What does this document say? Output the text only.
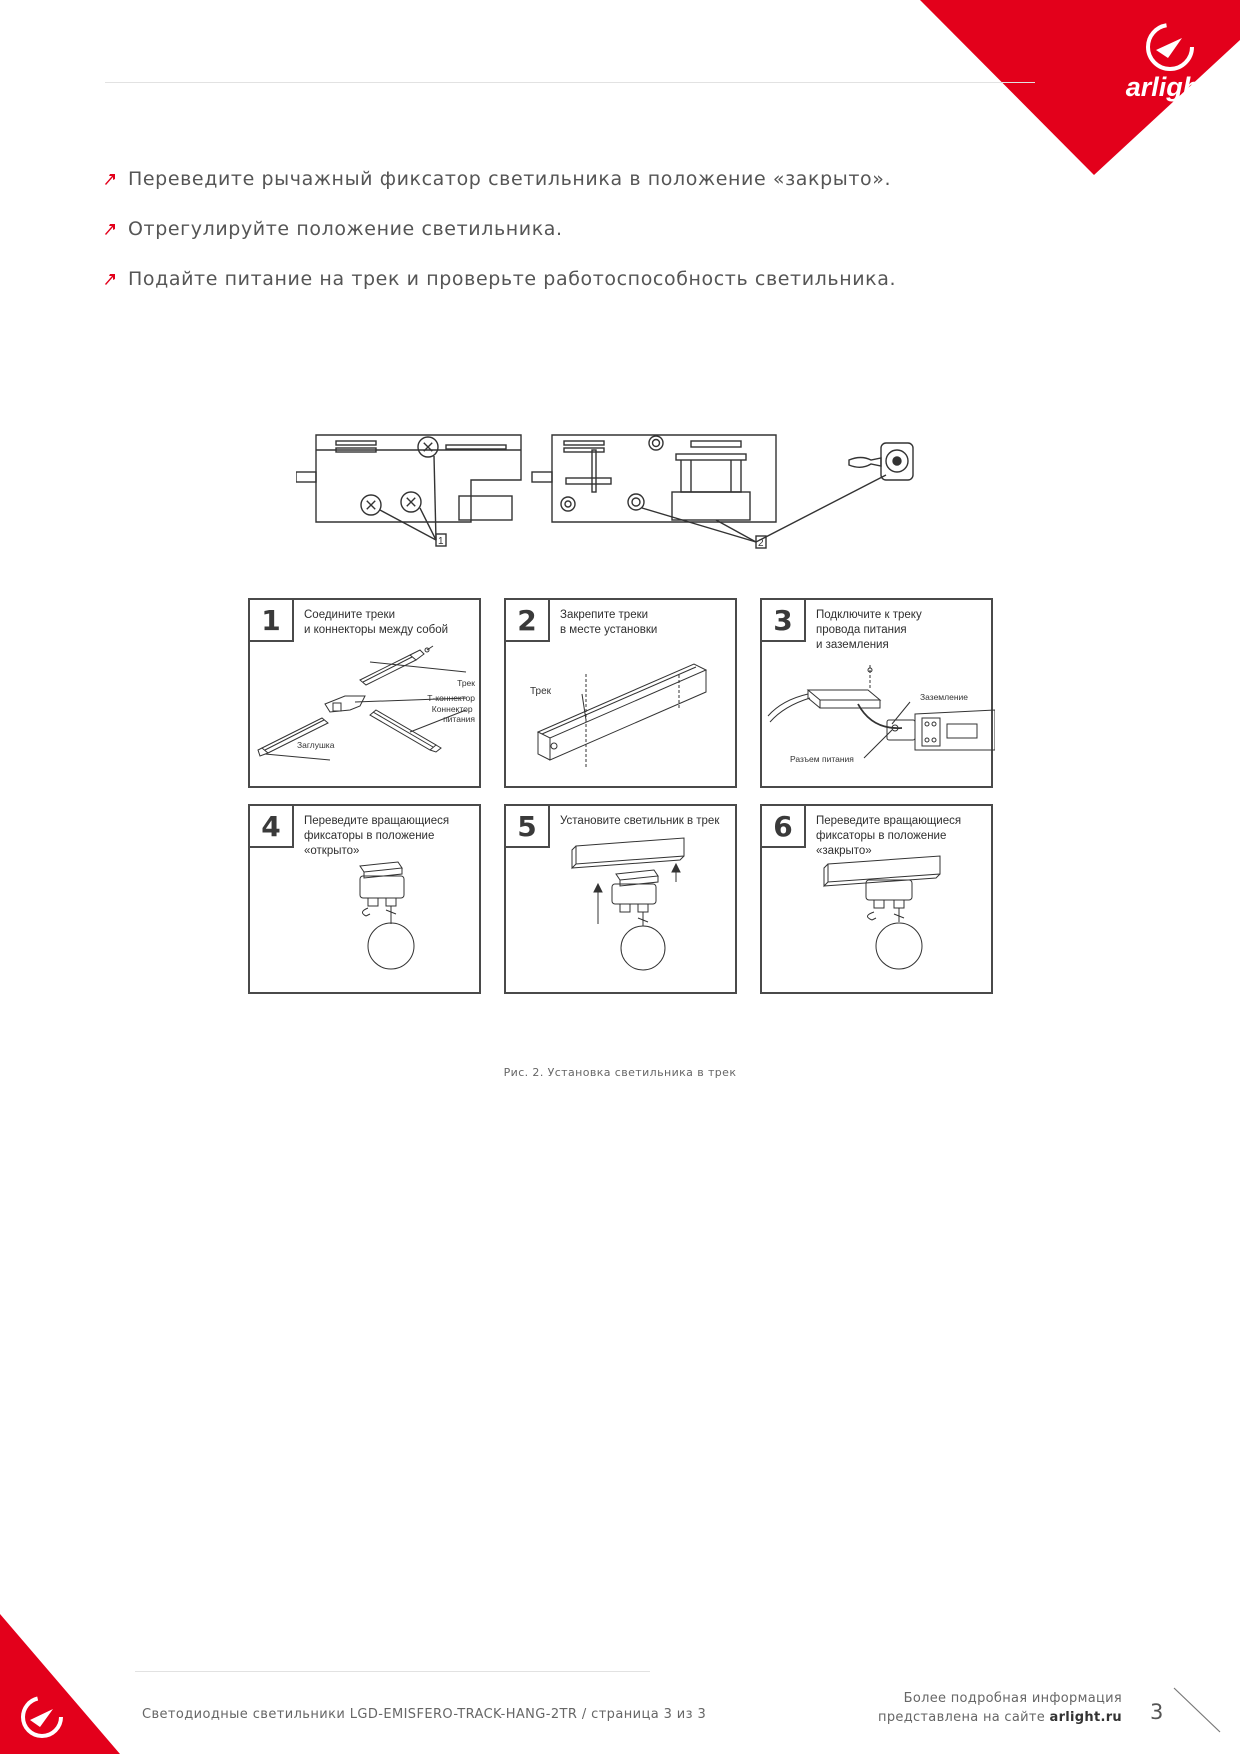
arlight
Переведите рычажный фиксатор светильника в положение «закрыто».
Отрегулируйте положение светильника.
Подайте питание на трек и проверьте работоспособность светильника.
1	2
Трек
Т-коннектор
Коннектор питания
Заглушка
1 Соедините треки
и коннекторы между собой
Трек
2 Закрепите треки
в месте установки
Заземление
Разъем питания
3 Подключите к треку
провода питания
и заземления
4 Переведите вращающиеся
фиксаторы в положение
«открыто»
5 Установите светильник в трек	6 Переведите вращающиеся
фиксаторы в положение
«закрыто»
Рис. 2. Установка светильника в трек
Светодиодные светильники LGD-EMISFERO-TRACK-HANG-2TR / страница 3 из 3
Более подробная информация
представлена на сайте arlight.ru 3
